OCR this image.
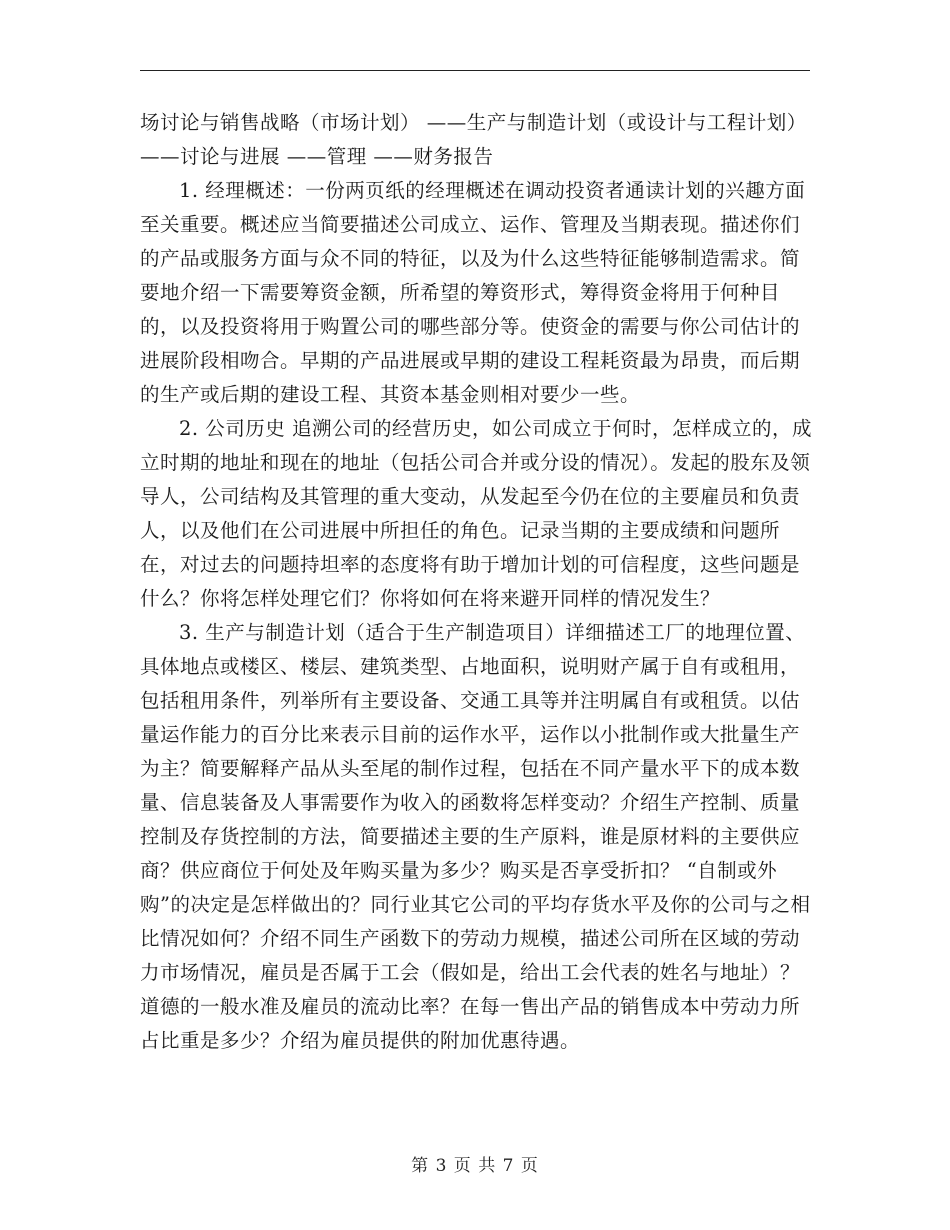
场讨论与销售战略（市场计划） ——生产与制造计划（或设计与工程计划） ——讨论与进展 ——管理 ——财务报告

1. 经理概述：一份两页纸的经理概述在调动投资者通读计划的兴趣方面至关重要。概述应当简要描述公司成立、运作、管理及当期表现。描述你们的产品或服务方面与众不同的特征，以及为什么这些特征能够制造需求。简要地介绍一下需要筹资金额，所希望的筹资形式，筹得资金将用于何种目的，以及投资将用于购置公司的哪些部分等。使资金的需要与你公司估计的进展阶段相吻合。早期的产品进展或早期的建设工程耗资最为昂贵，而后期的生产或后期的建设工程、其资本基金则相对要少一些。

2. 公司历史 追溯公司的经营历史，如公司成立于何时，怎样成立的，成立时期的地址和现在的地址（包括公司合并或分设的情况）。发起的股东及领导人，公司结构及其管理的重大变动，从发起至今仍在位的主要雇员和负责人，以及他们在公司进展中所担任的角色。记录当期的主要成绩和问题所在，对过去的问题持坦率的态度将有助于增加计划的可信程度，这些问题是什么？你将怎样处理它们？你将如何在将来避开同样的情况发生？

3. 生产与制造计划（适合于生产制造项目）详细描述工厂的地理位置、具体地点或楼区、楼层、建筑类型、占地面积，说明财产属于自有或租用，包括租用条件，列举所有主要设备、交通工具等并注明属自有或租赁。以估量运作能力的百分比来表示目前的运作水平，运作以小批制作或大批量生产为主？简要解释产品从头至尾的制作过程，包括在不同产量水平下的成本数量、信息装备及人事需要作为收入的函数将怎样变动？介绍生产控制、质量控制及存货控制的方法，简要描述主要的生产原料，谁是原材料的主要供应商？供应商位于何处及年购买量为多少？购买是否享受折扣？ “自制或外购”的决定是怎样做出的？同行业其它公司的平均存货水平及你的公司与之相比情况如何？介绍不同生产函数下的劳动力规模，描述公司所在区域的劳动力市场情况，雇员是否属于工会（假如是，给出工会代表的姓名与地址）？道德的一般水准及雇员的流动比率？在每一售出产品的销售成本中劳动力所占比重是多少？介绍为雇员提供的附加优惠待遇。

第 3 页 共 7 页
